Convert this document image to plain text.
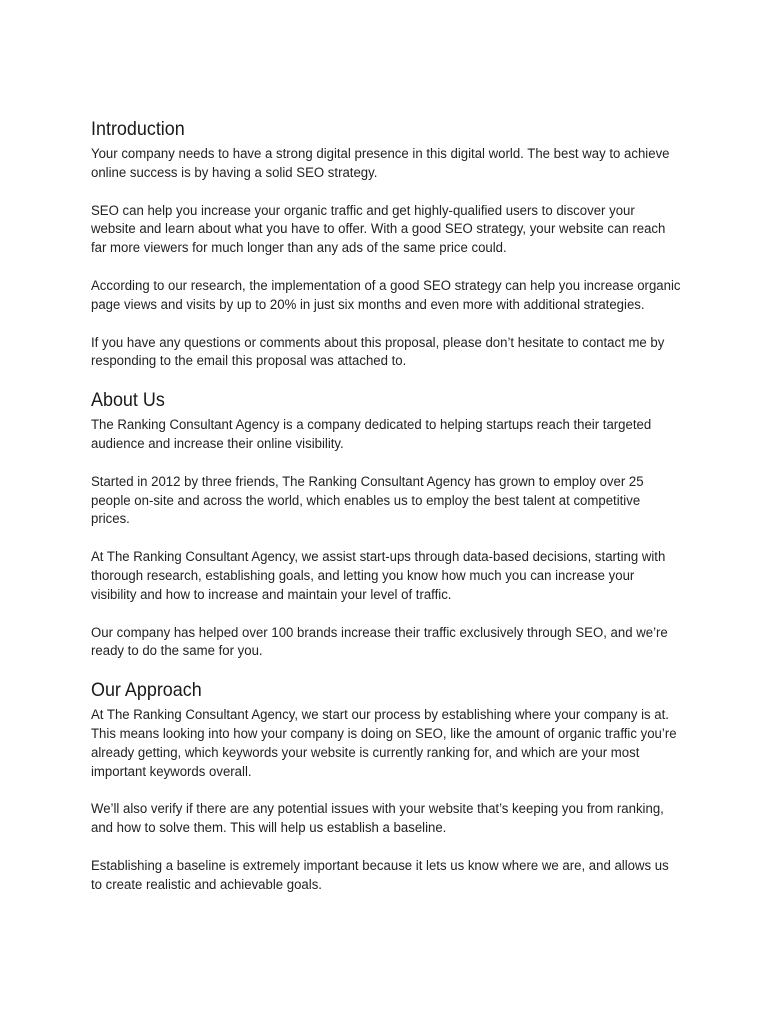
Introduction

Your company needs to have a strong digital presence in this digital world. The best way to achieve online success is by having a solid SEO strategy.

SEO can help you increase your organic traffic and get highly-qualified users to discover your website and learn about what you have to offer. With a good SEO strategy, your website can reach far more viewers for much longer than any ads of the same price could.

According to our research, the implementation of a good SEO strategy can help you increase organic page views and visits by up to 20% in just six months and even more with additional strategies.

If you have any questions or comments about this proposal, please don’t hesitate to contact me by responding to the email this proposal was attached to.

About Us

The Ranking Consultant Agency is a company dedicated to helping startups reach their targeted audience and increase their online visibility.

Started in 2012 by three friends, The Ranking Consultant Agency has grown to employ over 25 people on-site and across the world, which enables us to employ the best talent at competitive prices.

At The Ranking Consultant Agency, we assist start-ups through data-based decisions, starting with thorough research, establishing goals, and letting you know how much you can increase your visibility and how to increase and maintain your level of traffic.

Our company has helped over 100 brands increase their traffic exclusively through SEO, and we’re ready to do the same for you.

Our Approach

At The Ranking Consultant Agency, we start our process by establishing where your company is at. This means looking into how your company is doing on SEO, like the amount of organic traffic you’re already getting, which keywords your website is currently ranking for, and which are your most important keywords overall.

We’ll also verify if there are any potential issues with your website that’s keeping you from ranking, and how to solve them. This will help us establish a baseline.

Establishing a baseline is extremely important because it lets us know where we are, and allows us to create realistic and achievable goals.
